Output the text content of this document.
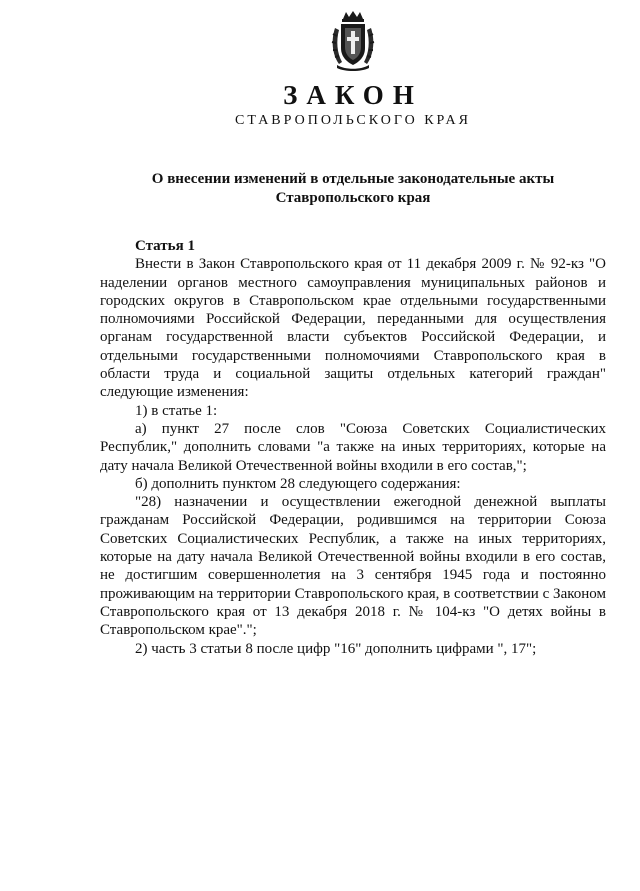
ЗАКОН
СТАВРОПОЛЬСКОГО КРАЯ
О внесении изменений в отдельные законодательные акты Ставропольского края

Статья 1

Внести в Закон Ставропольского края от 11 декабря 2009 г. № 92-кз "О наделении органов местного самоуправления муниципальных районов и городских округов в Ставропольском крае отдельными государственными полномочиями Российской Федерации, переданными для осуществления органам государственной власти субъектов Российской Федерации, и отдельными государственными полномочиями Ставропольского края в области труда и социальной защиты отдельных категорий граждан" следующие изменения:

1) в статье 1:

а) пункт 27 после слов "Союза Советских Социалистических Республик," дополнить словами "а также на иных территориях, которые на дату начала Великой Отечественной войны входили в его состав,";

б) дополнить пунктом 28 следующего содержания:

"28) назначении и осуществлении ежегодной денежной выплаты гражданам Российской Федерации, родившимся на территории Союза Советских Социалистических Республик, а также на иных территориях, которые на дату начала Великой Отечественной войны входили в его состав, не достигшим совершеннолетия на 3 сентября 1945 года и постоянно проживающим на территории Ставропольского края, в соответствии с Законом Ставропольского края от 13 декабря 2018 г. № 104-кз "О детях войны в Ставропольском крае".";

2) часть 3 статьи 8 после цифр "16" дополнить цифрами ", 17";
